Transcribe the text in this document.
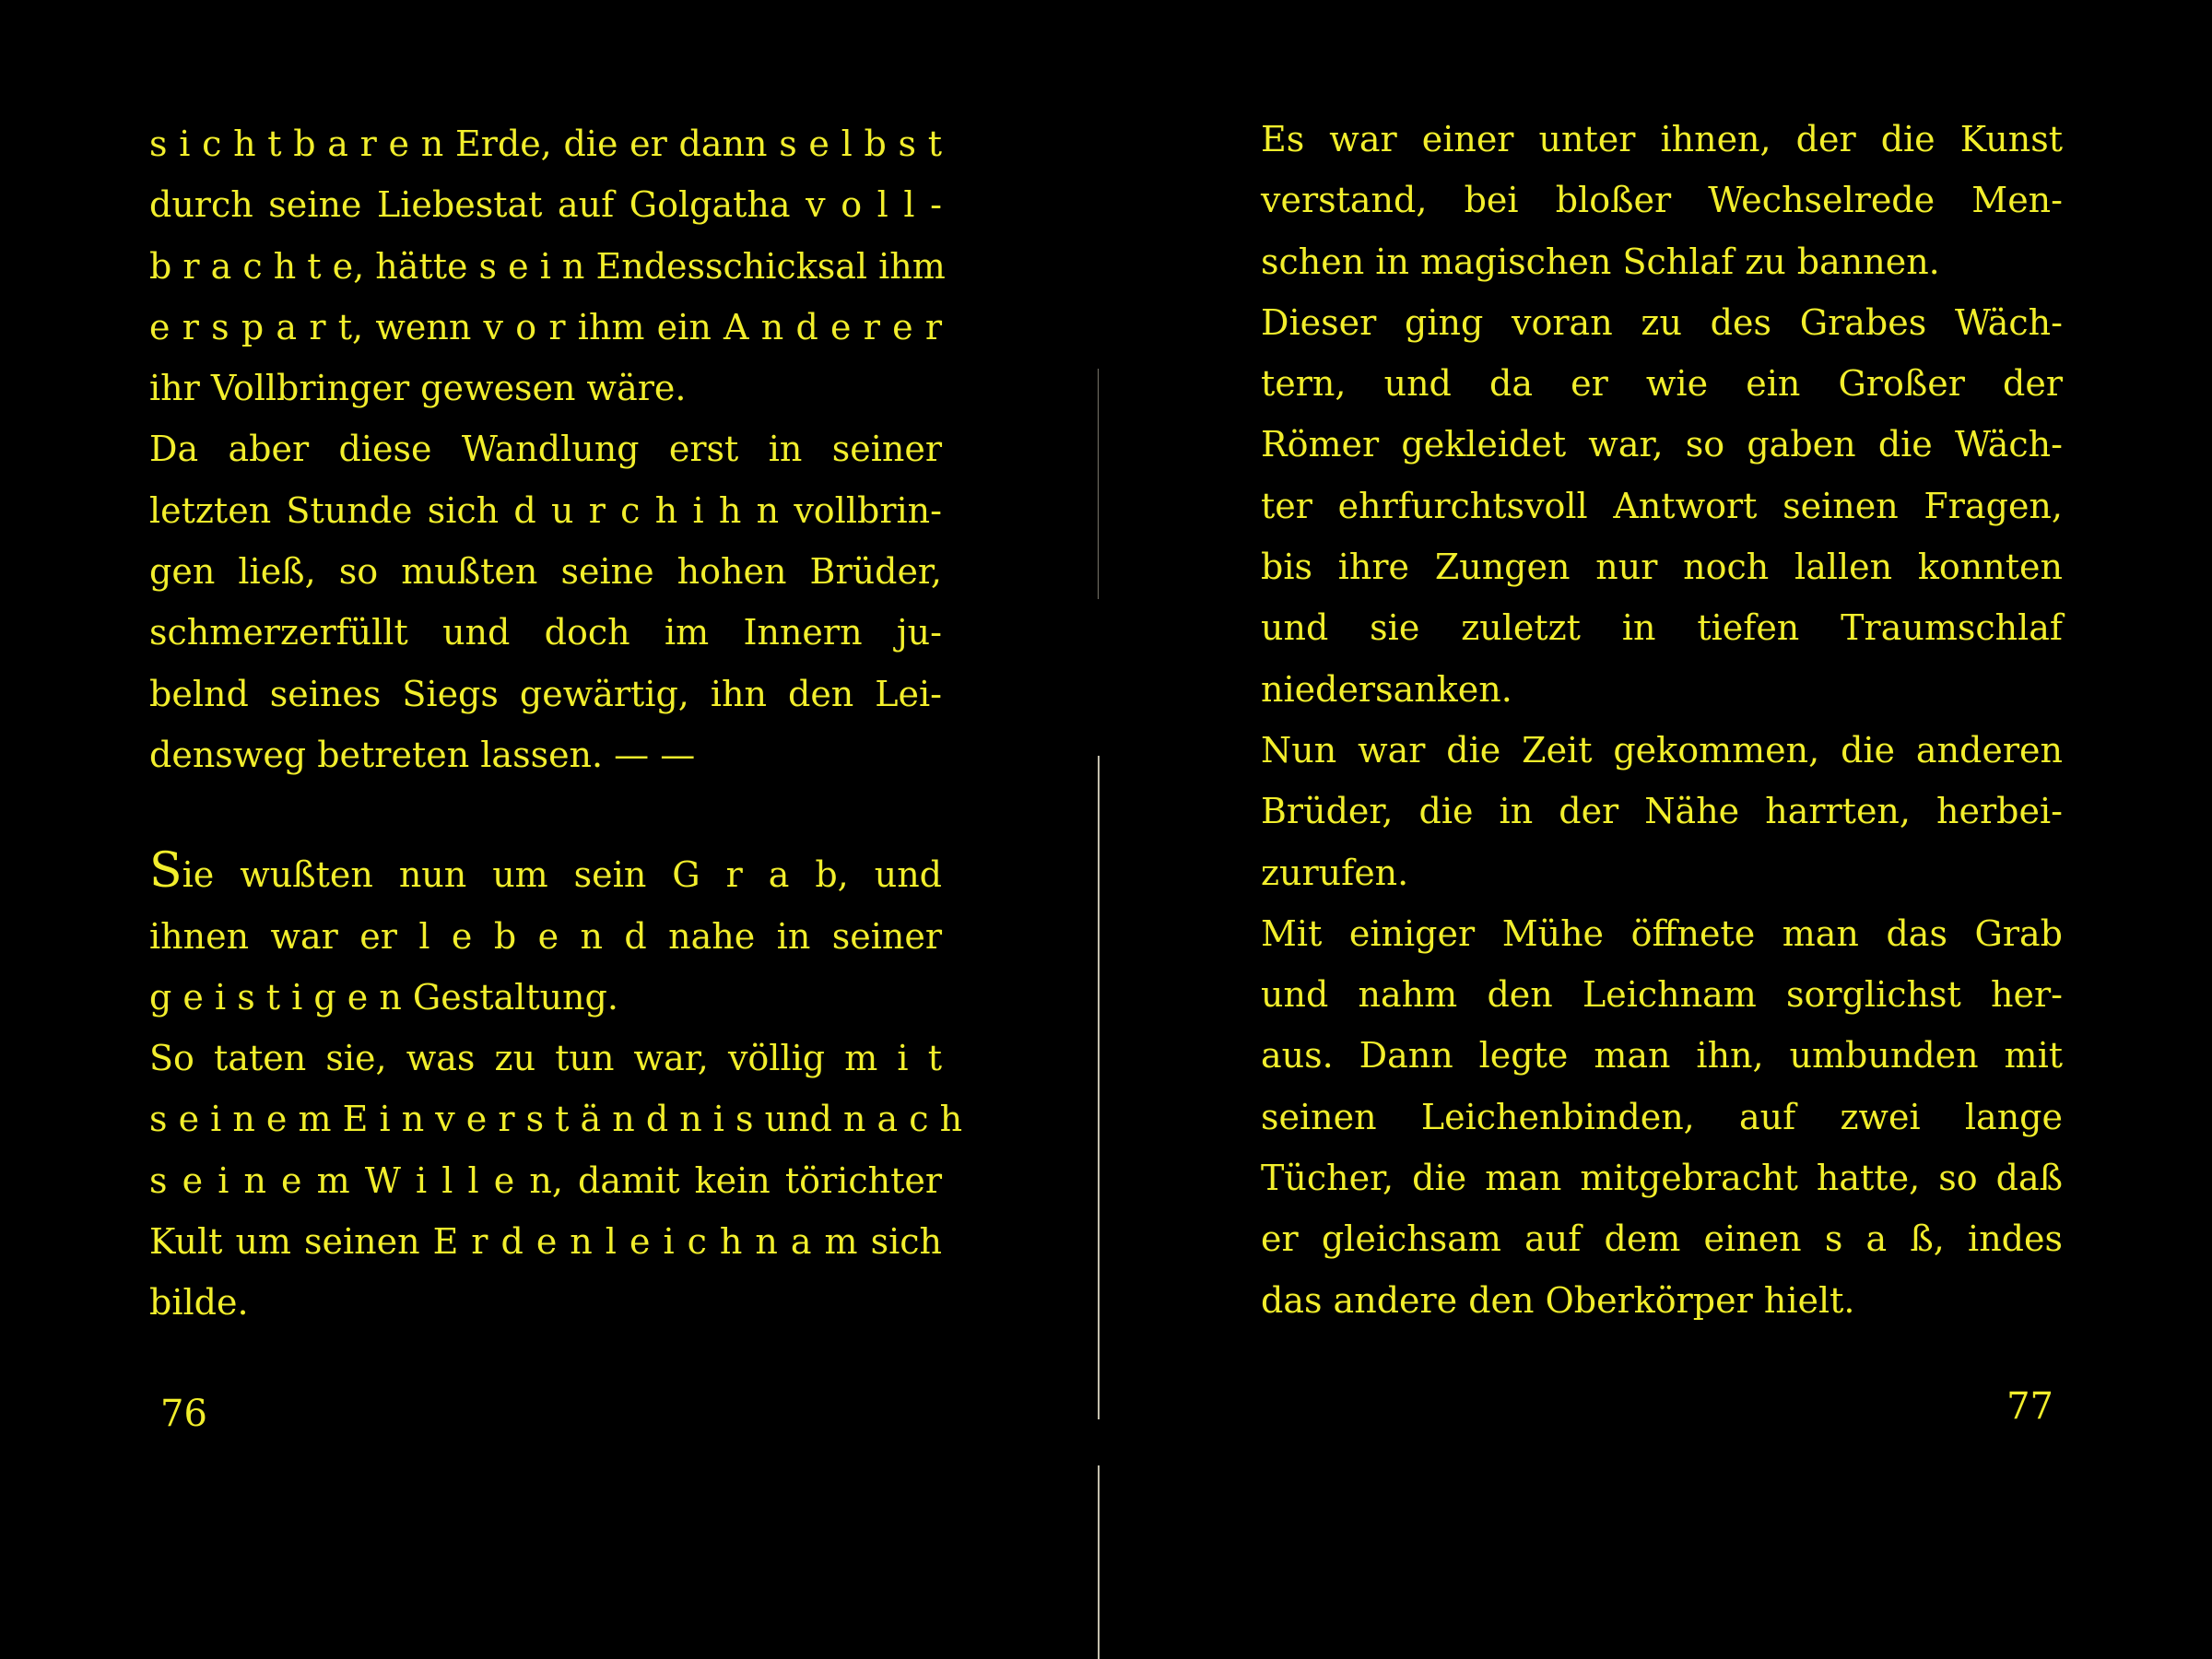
s i c h t b a r e n Erde, die er dann s e l b s t
durch seine Liebestat auf Golgatha v o l l -
b r a c h t e, hätte s e i n Endesschicksal ihm
e r s p a r t, wenn v o r ihm ein A n d e r e r
ihr Vollbringer gewesen wäre.
Da aber diese Wandlung erst in seiner
letzten Stunde sich d u r c h i h n vollbrin-
gen ließ, so mußten seine hohen Brüder,
schmerzerfüllt und doch im Innern ju-
belnd seines Siegs gewärtig, ihn den Lei-
densweg betreten lassen. — —
Sie wußten nun um sein G r a b, und
ihnen war er l e b e n d nahe in seiner
g e i s t i g e n Gestaltung.
So taten sie, was zu tun war, völlig m i t
s e i n e m E i n v e r s t ä n d n i s und n a c h
s e i n e m W i l l e n, damit kein törichter
Kult um seinen E r d e n l e i c h n a m sich
bilde.
76
Es war einer unter ihnen, der die Kunst
verstand, bei bloßer Wechselrede Men-
schen in magischen Schlaf zu bannen.
Dieser ging voran zu des Grabes Wäch-
tern, und da er wie ein Großer der
Römer gekleidet war, so gaben die Wäch-
ter ehrfurchtsvoll Antwort seinen Fragen,
bis ihre Zungen nur noch lallen konnten
und sie zuletzt in tiefen Traumschlaf
niedersanken.
Nun war die Zeit gekommen, die anderen
Brüder, die in der Nähe harrten, herbei-
zurufen.
Mit einiger Mühe öffnete man das Grab
und nahm den Leichnam sorglichst her-
aus. Dann legte man ihn, umbunden mit
seinen Leichenbinden, auf zwei lange
Tücher, die man mitgebracht hatte, so daß
er gleichsam auf dem einen s a ß, indes
das andere den Oberkörper hielt.
77
